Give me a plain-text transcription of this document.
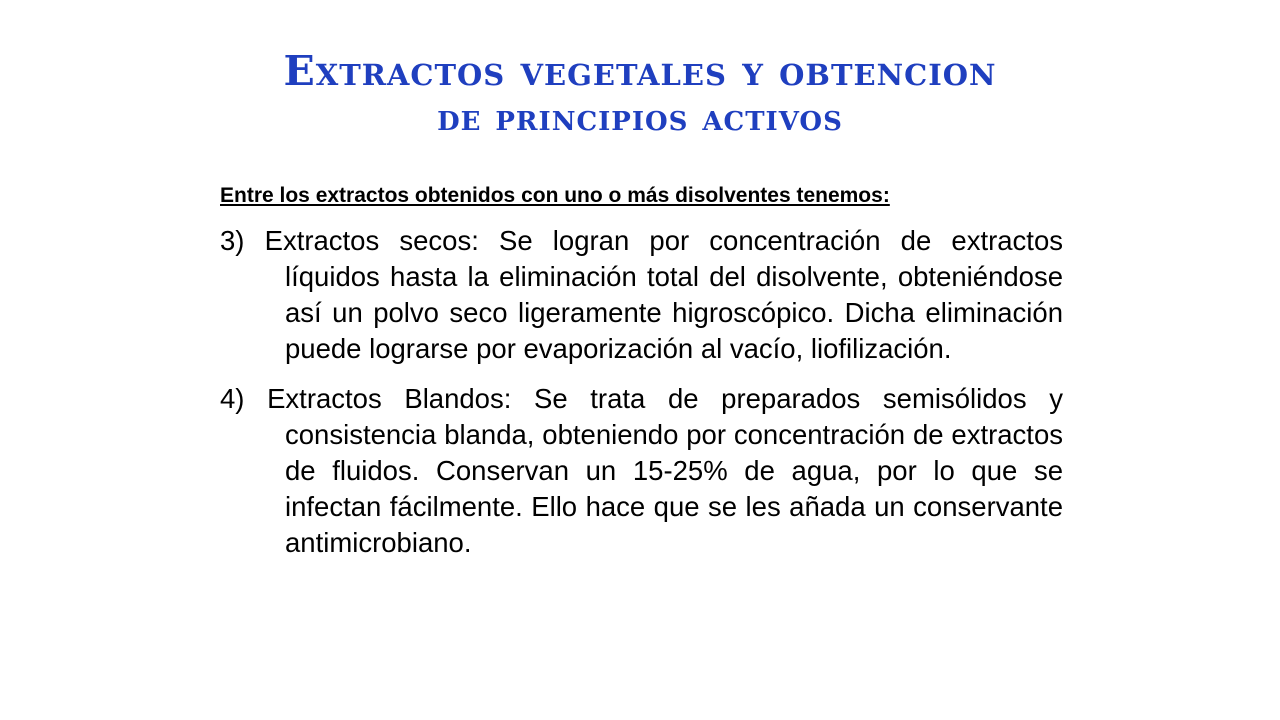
Extractos vegetales y obtencion
de principios activos

Entre los extractos obtenidos con uno o más disolventes tenemos:

3) Extractos secos: Se logran por concentración de extractos líquidos hasta la eliminación total del disolvente, obteniéndose así un polvo seco ligeramente higroscópico. Dicha eliminación puede lograrse por evaporización al vacío, liofilización.

4) Extractos Blandos: Se trata de preparados semisólidos y consistencia blanda, obteniendo por concentración de extractos de fluidos. Conservan un 15-25% de agua, por lo que se infectan fácilmente. Ello hace que se les añada un conservante antimicrobiano.
